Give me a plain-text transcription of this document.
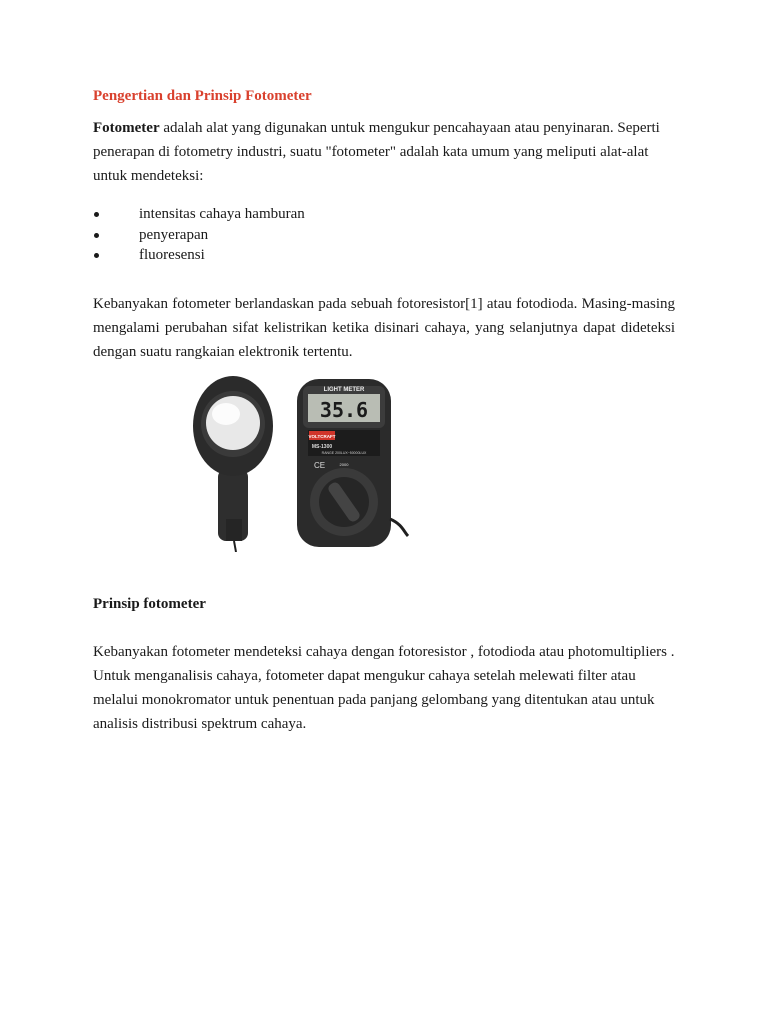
Pengertian dan Prinsip Fotometer

Fotometer adalah alat yang digunakan untuk mengukur pencahayaan atau penyinaran. Seperti penerapan di fotometry industri, suatu "fotometer" adalah kata umum yang meliputi alat-alat untuk mendeteksi:

intensitas cahaya hamburan
penyerapan
fluoresensi

Kebanyakan fotometer berlandaskan pada sebuah fotoresistor[1] atau fotodioda. Masing-masing mengalami perubahan sifat kelistrikan ketika disinari cahaya, yang selanjutnya dapat dideteksi dengan suatu rangkaian elektronik tertentu.

LIGHT METER
35.6
VOLTCRAFT
MS-1300
RANGE 200LUX~50000LUX
CE	2000
Prinsip fotometer

Kebanyakan fotometer mendeteksi cahaya dengan fotoresistor , fotodioda atau photomultipliers . Untuk menganalisis cahaya, fotometer dapat mengukur cahaya setelah melewati filter atau melalui monokromator untuk penentuan pada panjang gelombang yang ditentukan atau untuk analisis distribusi spektrum cahaya.
